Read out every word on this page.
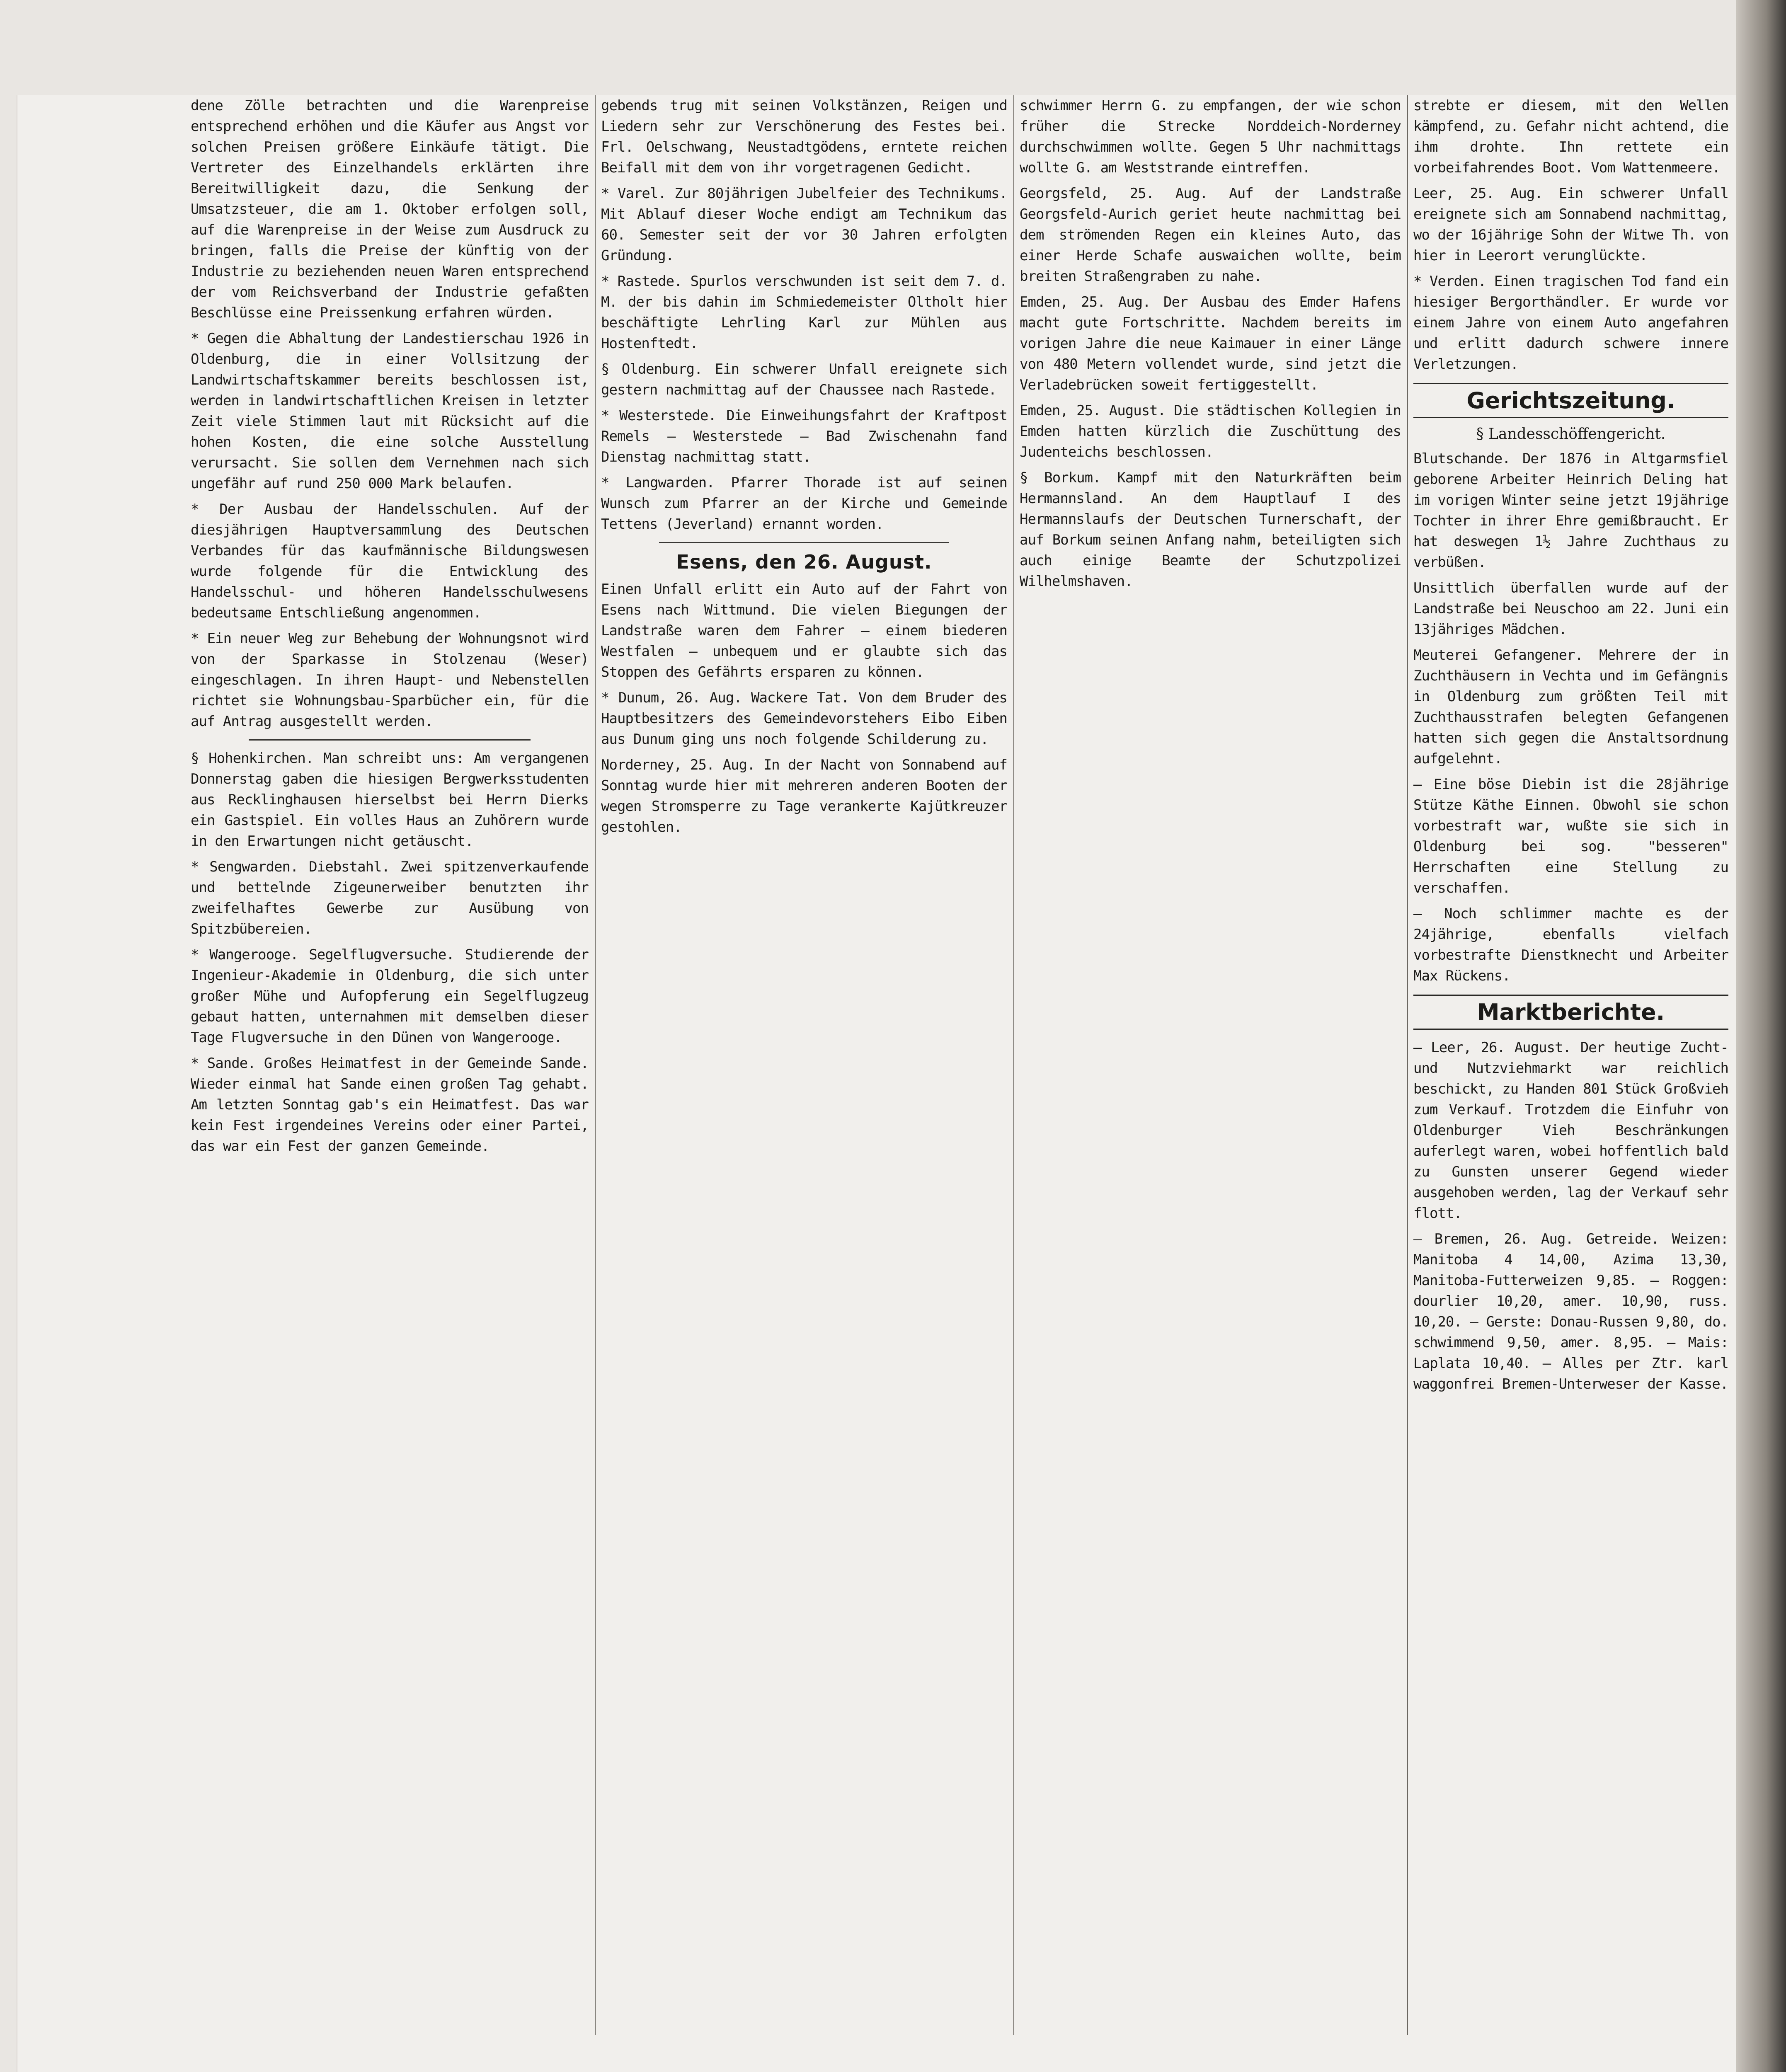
dene Zölle betrachten und die Warenpreise entsprechend erhöhen und die Käufer aus Angst vor solchen Preisen größere Einkäufe tätigt. Die Vertreter des Einzelhandels erklärten ihre Bereitwilligkeit dazu, die Senkung der Umsatzsteuer, die am 1. Oktober erfolgen soll, auf die Warenpreise in der Weise zum Ausdruck zu bringen, falls die Preise der künftig von der Industrie zu beziehenden neuen Waren entsprechend der vom Reichsverband der Industrie gefaßten Beschlüsse eine Preissenkung erfahren würden.

* Gegen die Abhaltung der Landestierschau 1926 in Oldenburg, die in einer Vollsitzung der Landwirtschaftskammer bereits beschlossen ist, werden in landwirtschaftlichen Kreisen in letzter Zeit viele Stimmen laut mit Rücksicht auf die hohen Kosten, die eine solche Ausstellung verursacht. Sie sollen dem Vernehmen nach sich ungefähr auf rund 250 000 Mark belaufen.

* Der Ausbau der Handelsschulen. Auf der diesjährigen Hauptversammlung des Deutschen Verbandes für das kaufmännische Bildungswesen wurde folgende für die Entwicklung des Handelsschul- und höheren Handelsschulwesens bedeutsame Entschließung angenommen.

* Ein neuer Weg zur Behebung der Wohnungsnot wird von der Sparkasse in Stolzenau (Weser) eingeschlagen. In ihren Haupt- und Nebenstellen richtet sie Wohnungsbau-Sparbücher ein, für die auf Antrag ausgestellt werden.

§ Hohenkirchen. Man schreibt uns: Am vergangenen Donnerstag gaben die hiesigen Bergwerksstudenten aus Recklinghausen hierselbst bei Herrn Dierks ein Gastspiel. Ein volles Haus an Zuhörern wurde in den Erwartungen nicht getäuscht.

* Sengwarden. Diebstahl. Zwei spitzenverkaufende und bettelnde Zigeunerweiber benutzten ihr zweifelhaftes Gewerbe zur Ausübung von Spitzbübereien.

* Wangerooge. Segelflugversuche. Studierende der Ingenieur-Akademie in Oldenburg, die sich unter großer Mühe und Aufopferung ein Segelflugzeug gebaut hatten, unternahmen mit demselben dieser Tage Flugversuche in den Dünen von Wangerooge.

* Sande. Großes Heimatfest in der Gemeinde Sande. Wieder einmal hat Sande einen großen Tag gehabt. Am letzten Sonntag gab's ein Heimatfest. Das war kein Fest irgendeines Vereins oder einer Partei, das war ein Fest der ganzen Gemeinde.

gebends trug mit seinen Volkstänzen, Reigen und Liedern sehr zur Verschönerung des Festes bei. Frl. Oelschwang, Neustadtgödens, erntete reichen Beifall mit dem von ihr vorgetragenen Gedicht.

* Varel. Zur 80jährigen Jubelfeier des Technikums. Mit Ablauf dieser Woche endigt am Technikum das 60. Semester seit der vor 30 Jahren erfolgten Gründung.

* Rastede. Spurlos verschwunden ist seit dem 7. d. M. der bis dahin im Schmiedemeister Oltholt hier beschäftigte Lehrling Karl zur Mühlen aus Hostenftedt.

§ Oldenburg. Ein schwerer Unfall ereignete sich gestern nachmittag auf der Chaussee nach Rastede.

* Westerstede. Die Einweihungsfahrt der Kraftpost Remels — Westerstede — Bad Zwischenahn fand Dienstag nachmittag statt.

* Langwarden. Pfarrer Thorade ist auf seinen Wunsch zum Pfarrer an der Kirche und Gemeinde Tettens (Jeverland) ernannt worden.

Esens, den 26. August.

Einen Unfall erlitt ein Auto auf der Fahrt von Esens nach Wittmund. Die vielen Biegungen der Landstraße waren dem Fahrer — einem biederen Westfalen — unbequem und er glaubte sich das Stoppen des Gefährts ersparen zu können.

* Dunum, 26. Aug. Wackere Tat. Von dem Bruder des Hauptbesitzers des Gemeindevorstehers Eibo Eiben aus Dunum ging uns noch folgende Schilderung zu.

Norderney, 25. Aug. In der Nacht von Sonnabend auf Sonntag wurde hier mit mehreren anderen Booten der wegen Stromsperre zu Tage verankerte Kajütkreuzer gestohlen.

schwimmer Herrn G. zu empfangen, der wie schon früher die Strecke Norddeich-Norderney durchschwimmen wollte. Gegen 5 Uhr nachmittags wollte G. am Weststrande eintreffen.

Georgsfeld, 25. Aug. Auf der Landstraße Georgsfeld-Aurich geriet heute nachmittag bei dem strömenden Regen ein kleines Auto, das einer Herde Schafe auswaichen wollte, beim breiten Straßengraben zu nahe.

Emden, 25. Aug. Der Ausbau des Emder Hafens macht gute Fortschritte. Nachdem bereits im vorigen Jahre die neue Kaimauer in einer Länge von 480 Metern vollendet wurde, sind jetzt die Verladebrücken soweit fertiggestellt.

Emden, 25. August. Die städtischen Kollegien in Emden hatten kürzlich die Zuschüttung des Judenteichs beschlossen.

§ Borkum. Kampf mit den Naturkräften beim Hermannsland. An dem Hauptlauf I des Hermannslaufs der Deutschen Turnerschaft, der auf Borkum seinen Anfang nahm, beteiligten sich auch einige Beamte der Schutzpolizei Wilhelmshaven.

strebte er diesem, mit den Wellen kämpfend, zu. Gefahr nicht achtend, die ihm drohte. Ihn rettete ein vorbeifahrendes Boot. Vom Wattenmeere.

Leer, 25. Aug. Ein schwerer Unfall ereignete sich am Sonnabend nachmittag, wo der 16jährige Sohn der Witwe Th. von hier in Leerort verunglückte.

* Verden. Einen tragischen Tod fand ein hiesiger Bergorthändler. Er wurde vor einem Jahre von einem Auto angefahren und erlitt dadurch schwere innere Verletzungen.

Gerichtszeitung.
§ Landesschöffengericht.

Blutschande. Der 1876 in Altgarmsfiel geborene Arbeiter Heinrich Deling hat im vorigen Winter seine jetzt 19jährige Tochter in ihrer Ehre gemißbraucht. Er hat deswegen 1½ Jahre Zuchthaus zu verbüßen.

Unsittlich überfallen wurde auf der Landstraße bei Neuschoo am 22. Juni ein 13jähriges Mädchen.

Meuterei Gefangener. Mehrere der in Zuchthäusern in Vechta und im Gefängnis in Oldenburg zum größten Teil mit Zuchthausstrafen belegten Gefangenen hatten sich gegen die Anstaltsordnung aufgelehnt.

— Eine böse Diebin ist die 28jährige Stütze Käthe Einnen. Obwohl sie schon vorbestraft war, wußte sie sich in Oldenburg bei sog. "besseren" Herrschaften eine Stellung zu verschaffen.

— Noch schlimmer machte es der 24jährige, ebenfalls vielfach vorbestrafte Dienstknecht und Arbeiter Max Rückens.

Marktberichte.

— Leer, 26. August. Der heutige Zucht- und Nutzviehmarkt war reichlich beschickt, zu Handen 801 Stück Großvieh zum Verkauf. Trotzdem die Einfuhr von Oldenburger Vieh Beschränkungen auferlegt waren, wobei hoffentlich bald zu Gunsten unserer Gegend wieder ausgehoben werden, lag der Verkauf sehr flott.

— Bremen, 26. Aug. Getreide. Weizen: Manitoba 4 14,00, Azima 13,30, Manitoba-Futterweizen 9,85. — Roggen: dourlier 10,20, amer. 10,90, russ. 10,20. — Gerste: Donau-Russen 9,80, do. schwimmend 9,50, amer. 8,95. — Mais: Laplata 10,40. — Alles per Ztr. karl waggonfrei Bremen-Unterweser der Kasse.
